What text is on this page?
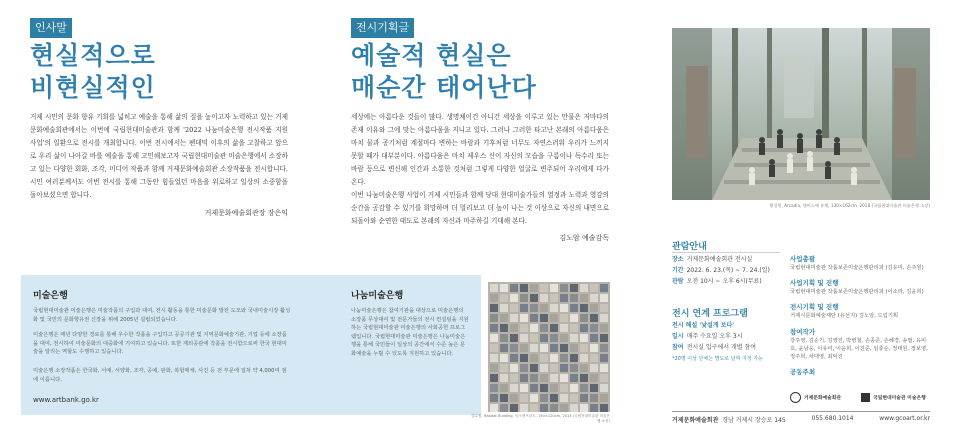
인사말
현실적으로
비현실적인
거제 시민의 문화 향유 기회를 넓히고 예술을 통해 삶의 질을 높이고자 노력하고 있는 거제문화예술회관에서는 이번에 국립현대미술관과 함께 '2022 나눔미술은행 전시작품 지원 사업'의 일환으로 전시를 개최합니다. 이번 전시에서는 팬데믹 이후의 삶을 고찰하고 앞으로 우리 삶이 나아갈 바를 예술을 통해 고민해보고자 국립현대미술관 미술은행에서 소장하고 있는 다양한 회화, 조각, 미디어 작품과 함께 거제문화예술회관 소장작품을 전시합니다. 시민 여러분께서도 이번 전시를 통해 그동안 힘들었던 마음을 위로하고 일상의 소중함을 돌아보셨으면 합니다.
거제문화예술회관장 장은익
전시기획글
예술적 현실은
매순간 태어난다
세상에는 아름다운 것들이 많다. 생명체이건 아니건 세상을 이루고 있는 만물은 저마다의 존재 이유와 그에 맞는 아름다움을 지니고 있다. 그러나 그러한 타고난 본래의 아름다움은 마치 물과 공기처럼 계절마다 변하는 바람과 기후처럼 너무도 자연스러워 우리가 느끼지 못할 때가 대부분이다. 아름다움은 마치 제우스 신이 자신의 모습을 구름이나 독수리 또는 바람 등으로 변신해 인간과 소통한 것처럼 그렇게 다양한 얼굴로 변주되어 우리에게 다가온다.
이번 나눔미술은행 사업이 거제 시민들과 함께 당대 현대미술가들의 열정과 노력과 영감의 순간을 공감할 수 있기를 희망하며 더 멀리보고 더 높이 나는 것 이상으로 자신의 내면으로 되돌아와 순연한 태도로 본래의 자신과 마주하길 기대해 본다.
김노암 예술감독
황성원, Arcadia, 캔버스에 유채, 130×162cm, 2018 (국립현대미술관 미술은행 소장)
미술은행
국립현대미술관 미술은행은 미술작품의 구입과 대여, 전시 활동을 통한 미술문화 발전 도모와 국내미술시장 활성화 및 국민의 문화향유권 신장을 위해 2005년 설립되었습니다.
미술은행은 매년 다양한 경로를 통해 우수한 작품을 구입하고 공공기관 및 지역문화예술기관, 기업 등에 소장품을 대여, 전시하여 미술문화의 대중화에 기여하고 있습니다. 또한 재외공관에 작품을 전시함으로써 한국 현대미술을 알리는 역할도 수행하고 있습니다.
미술은행 소장작품은 한국화, 서예, 서양화, 조각, 공예, 판화, 복합매체, 사진 등 전 부문에 걸쳐 약 4,000여 점에 이릅니다.
www.artbank.go.kr
나눔미술은행
나눔미술은행은 참여기관을 대상으로 미술은행의 소장품 무상대여 및 전문가들의 전시 컨설팅을 지원하는 국립현대미술관 미술은행의 사회공헌 프로그램입니다. 국립현대미술관 미술은행은 나눔미술은행을 통해 국민들이 일상의 공간에서 수준 높은 문화예술을 누릴 수 있도록 지원하고 있습니다.
김수정, Habitat Building, 잉크젯프린트, 150×120cm, 2013 (국립현대미술관 미술은행 소장)
관람안내
장소 거제문화예술회관 전시실
기간 2022. 6. 23.(목) ~ 7. 24.(일)
관람 오전 10시 ~ 오후 6시(무료)
전시 연계 프로그램
전시 해설 '낯설게 보다'
일시 매주 수요일 오후 3시
참여 전시실 입구에서 개별 참여
*20명 이상 단체는 별도로 날짜 지정 가능
사업총괄
국립현대미술관 작품보존미술은행관리과 (김유미, 손주원)
사업기획 및 진행
국립현대미술관 작품보존미술은행관리과 (이소라, 김윤희)
전시기획 및 진행
거제시문화예술재단 (유선지) 김노암, 드림기획
참여작가
강주영, 김순기, 김영진, 박병철, 손종준, 손혜경, 송필, 유비호, 윤남웅, 이유미, 이윤희, 이진준, 임충순, 정태원, 정보영, 정주희, 차대영, 최익진
공동주최
거제문화예술회관	국립현대미술관 미술은행
거제문화예술회관 경남 거제시 장승로 145	055.680.1014	www.gcoart.or.kr
